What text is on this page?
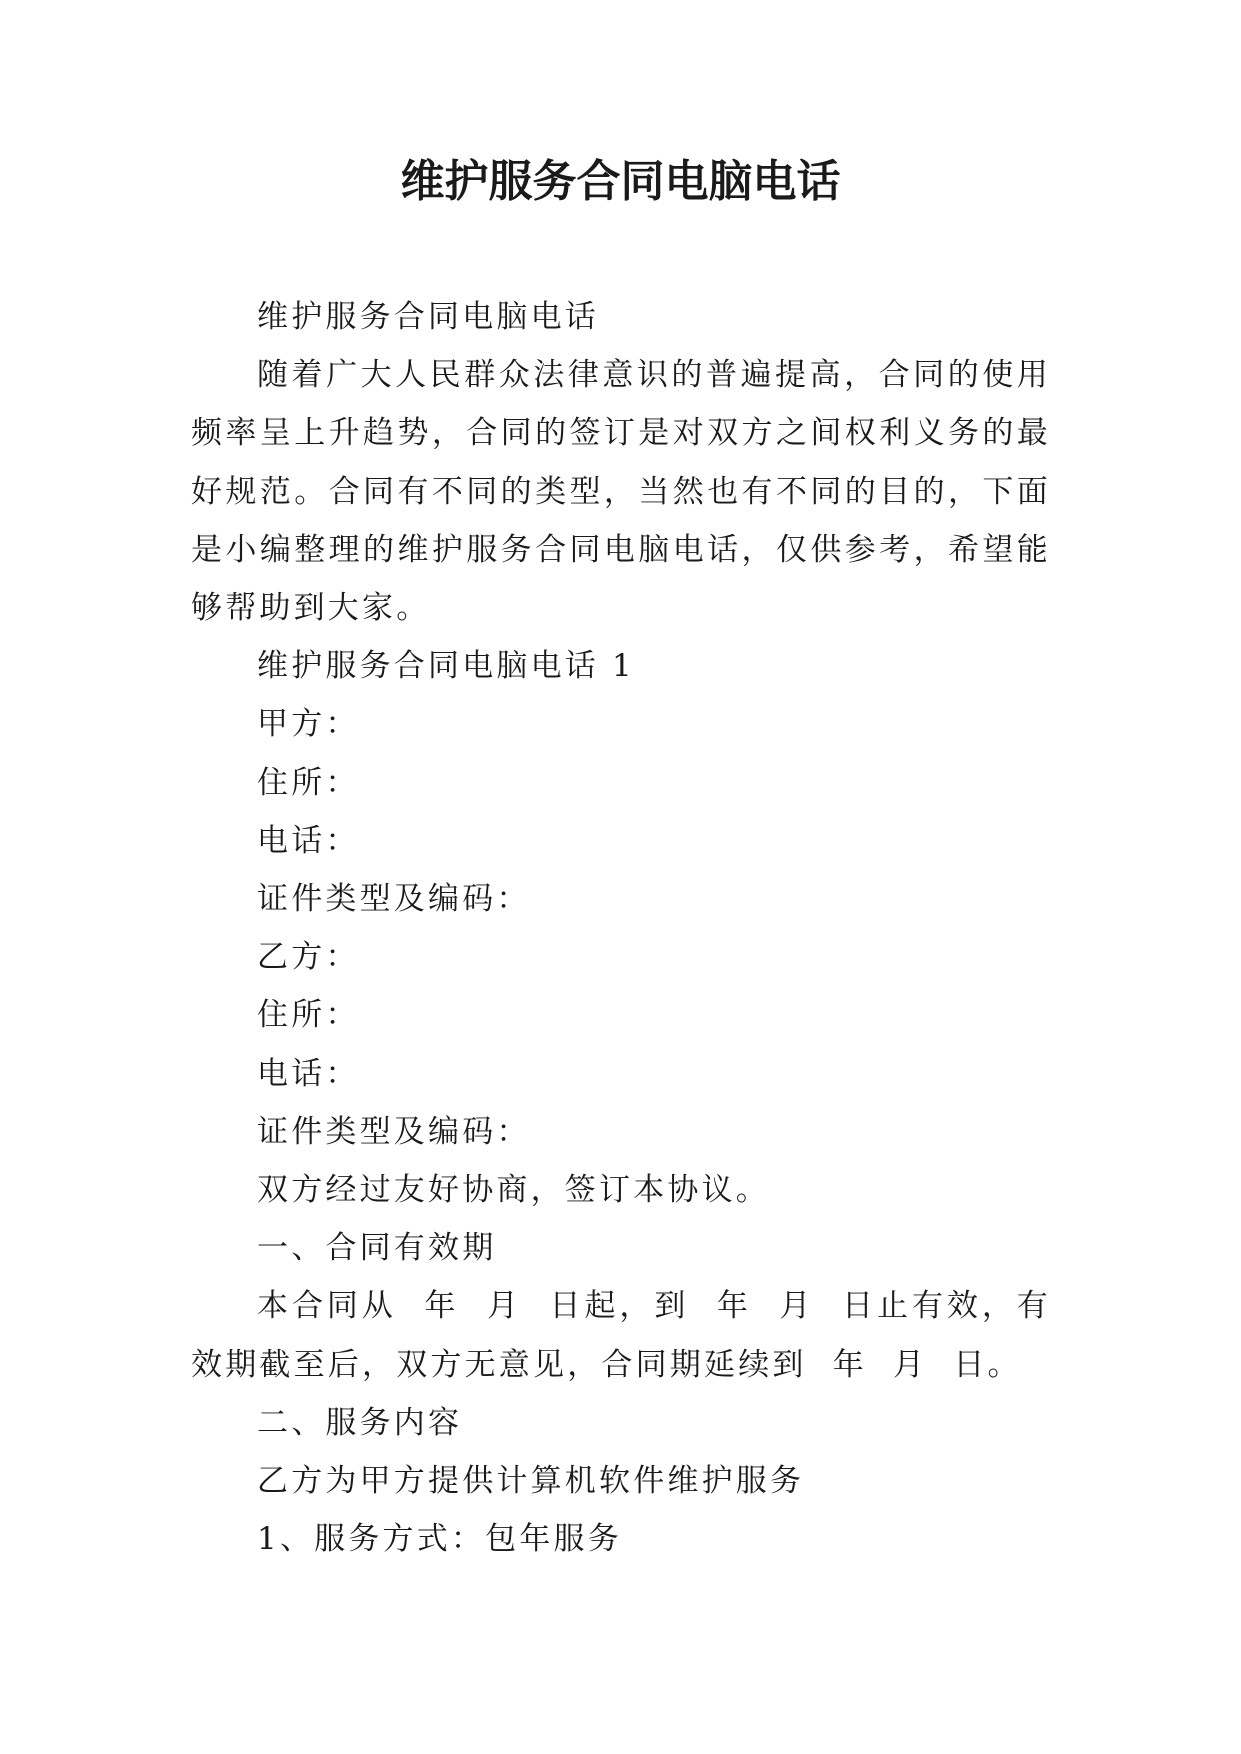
维护服务合同电脑电话

维护服务合同电脑电话

随着广大人民群众法律意识的普遍提高，合同的使用频率呈上升趋势，合同的签订是对双方之间权利义务的最好规范。合同有不同的类型，当然也有不同的目的，下面是小编整理的维护服务合同电脑电话，仅供参考，希望能够帮助到大家。

维护服务合同电脑电话 1

甲方：

住所：

电话：

证件类型及编码：

乙方：

住所：

电话：

证件类型及编码：

双方经过友好协商，签订本协议。

一、合同有效期

本合同从  年  月  日起，到  年  月  日止有效，有效期截至后，双方无意见，合同期延续到  年  月  日。

二、服务内容

乙方为甲方提供计算机软件维护服务

1、服务方式：包年服务
